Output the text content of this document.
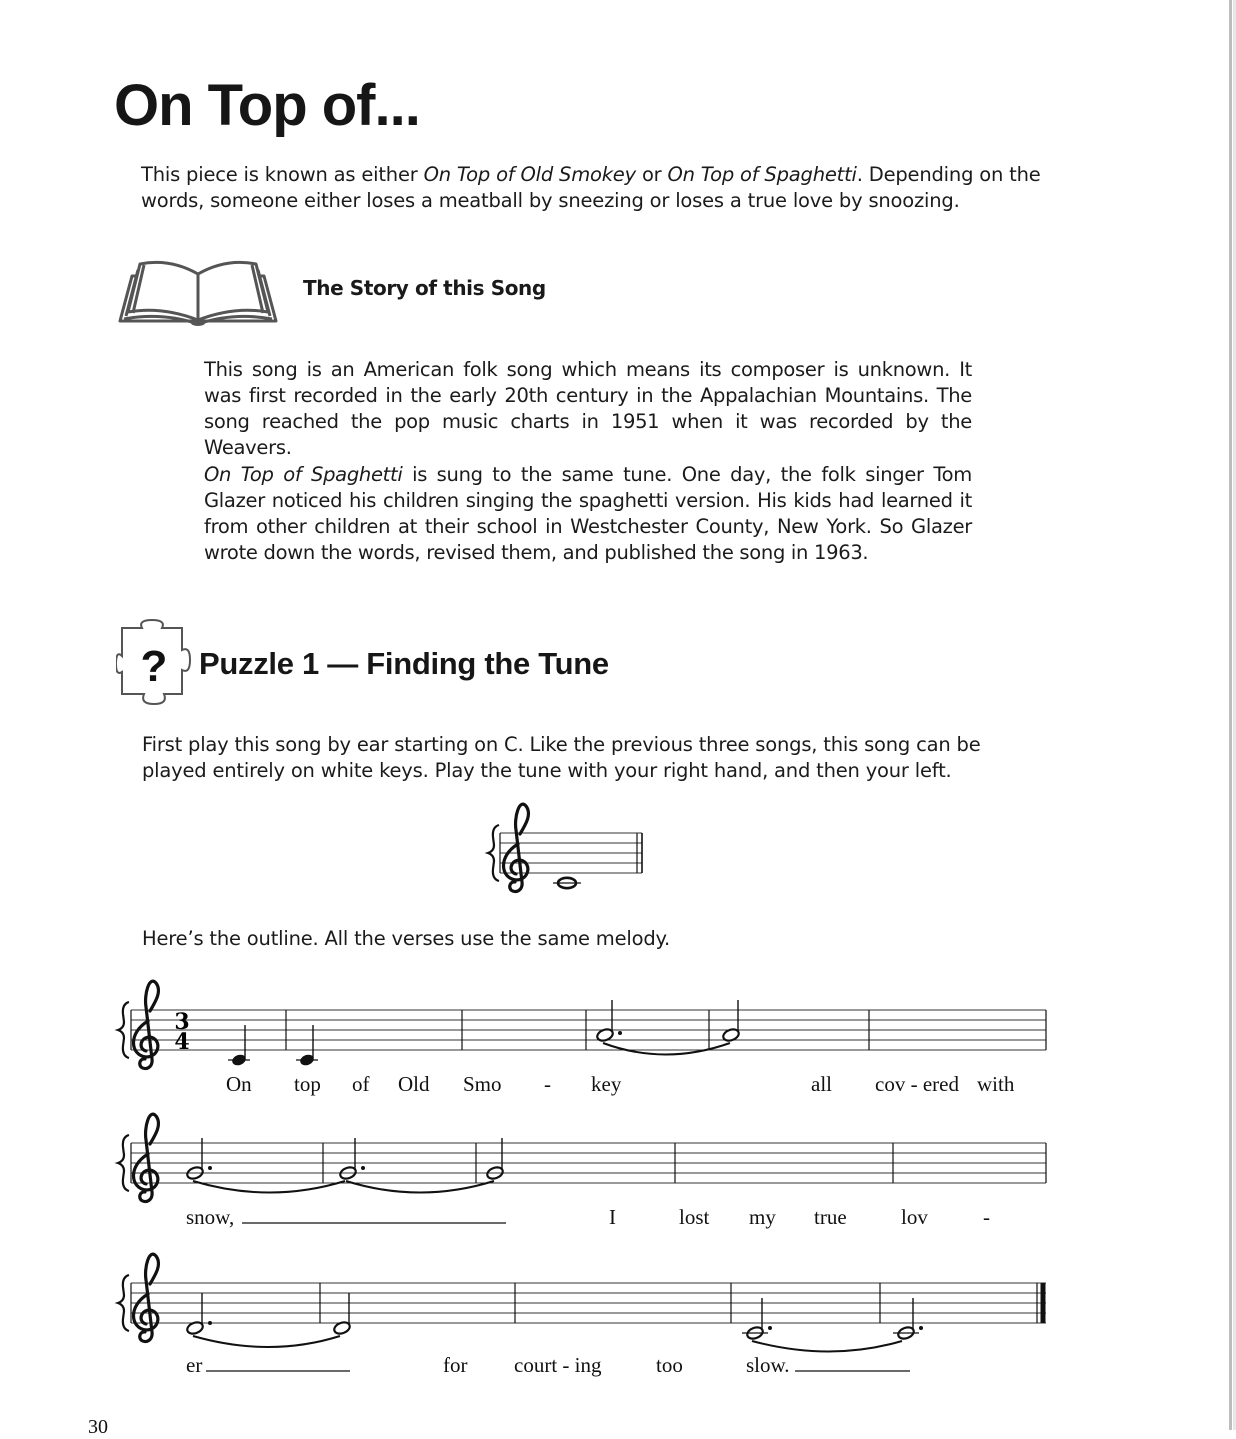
On Top of...
This piece is known as either On Top of Old Smokey or On Top of Spaghetti. Depending on the words, someone either loses a meatball by sneezing or loses a true love by snoozing.
The Story of this Song
This song is an American folk song which means its composer is unknown. It was first recorded in the early 20th century in the Appalachian Mountains. The song reached the pop music charts in 1951 when it was recorded by the Weavers.
On Top of Spaghetti is sung to the same tune. One day, the folk singer Tom Glazer noticed his children singing the spaghetti version. His kids had learned it from other children at their school in Westchester County, New York. So Glazer wrote down the words, revised them, and published the song in 1963.
? Puzzle 1 — Finding the Tune
First play this song by ear starting on C. Like the previous three songs, this song can be played entirely on white keys. Play the tune with your right hand, and then your left.
Here’s the outline. All the verses use the same melody.
3
4
On top of Old Smo - key	all cov - ered with
snow,	I	lost my true	lov	-
er	for court - ing	too	slow.
30
